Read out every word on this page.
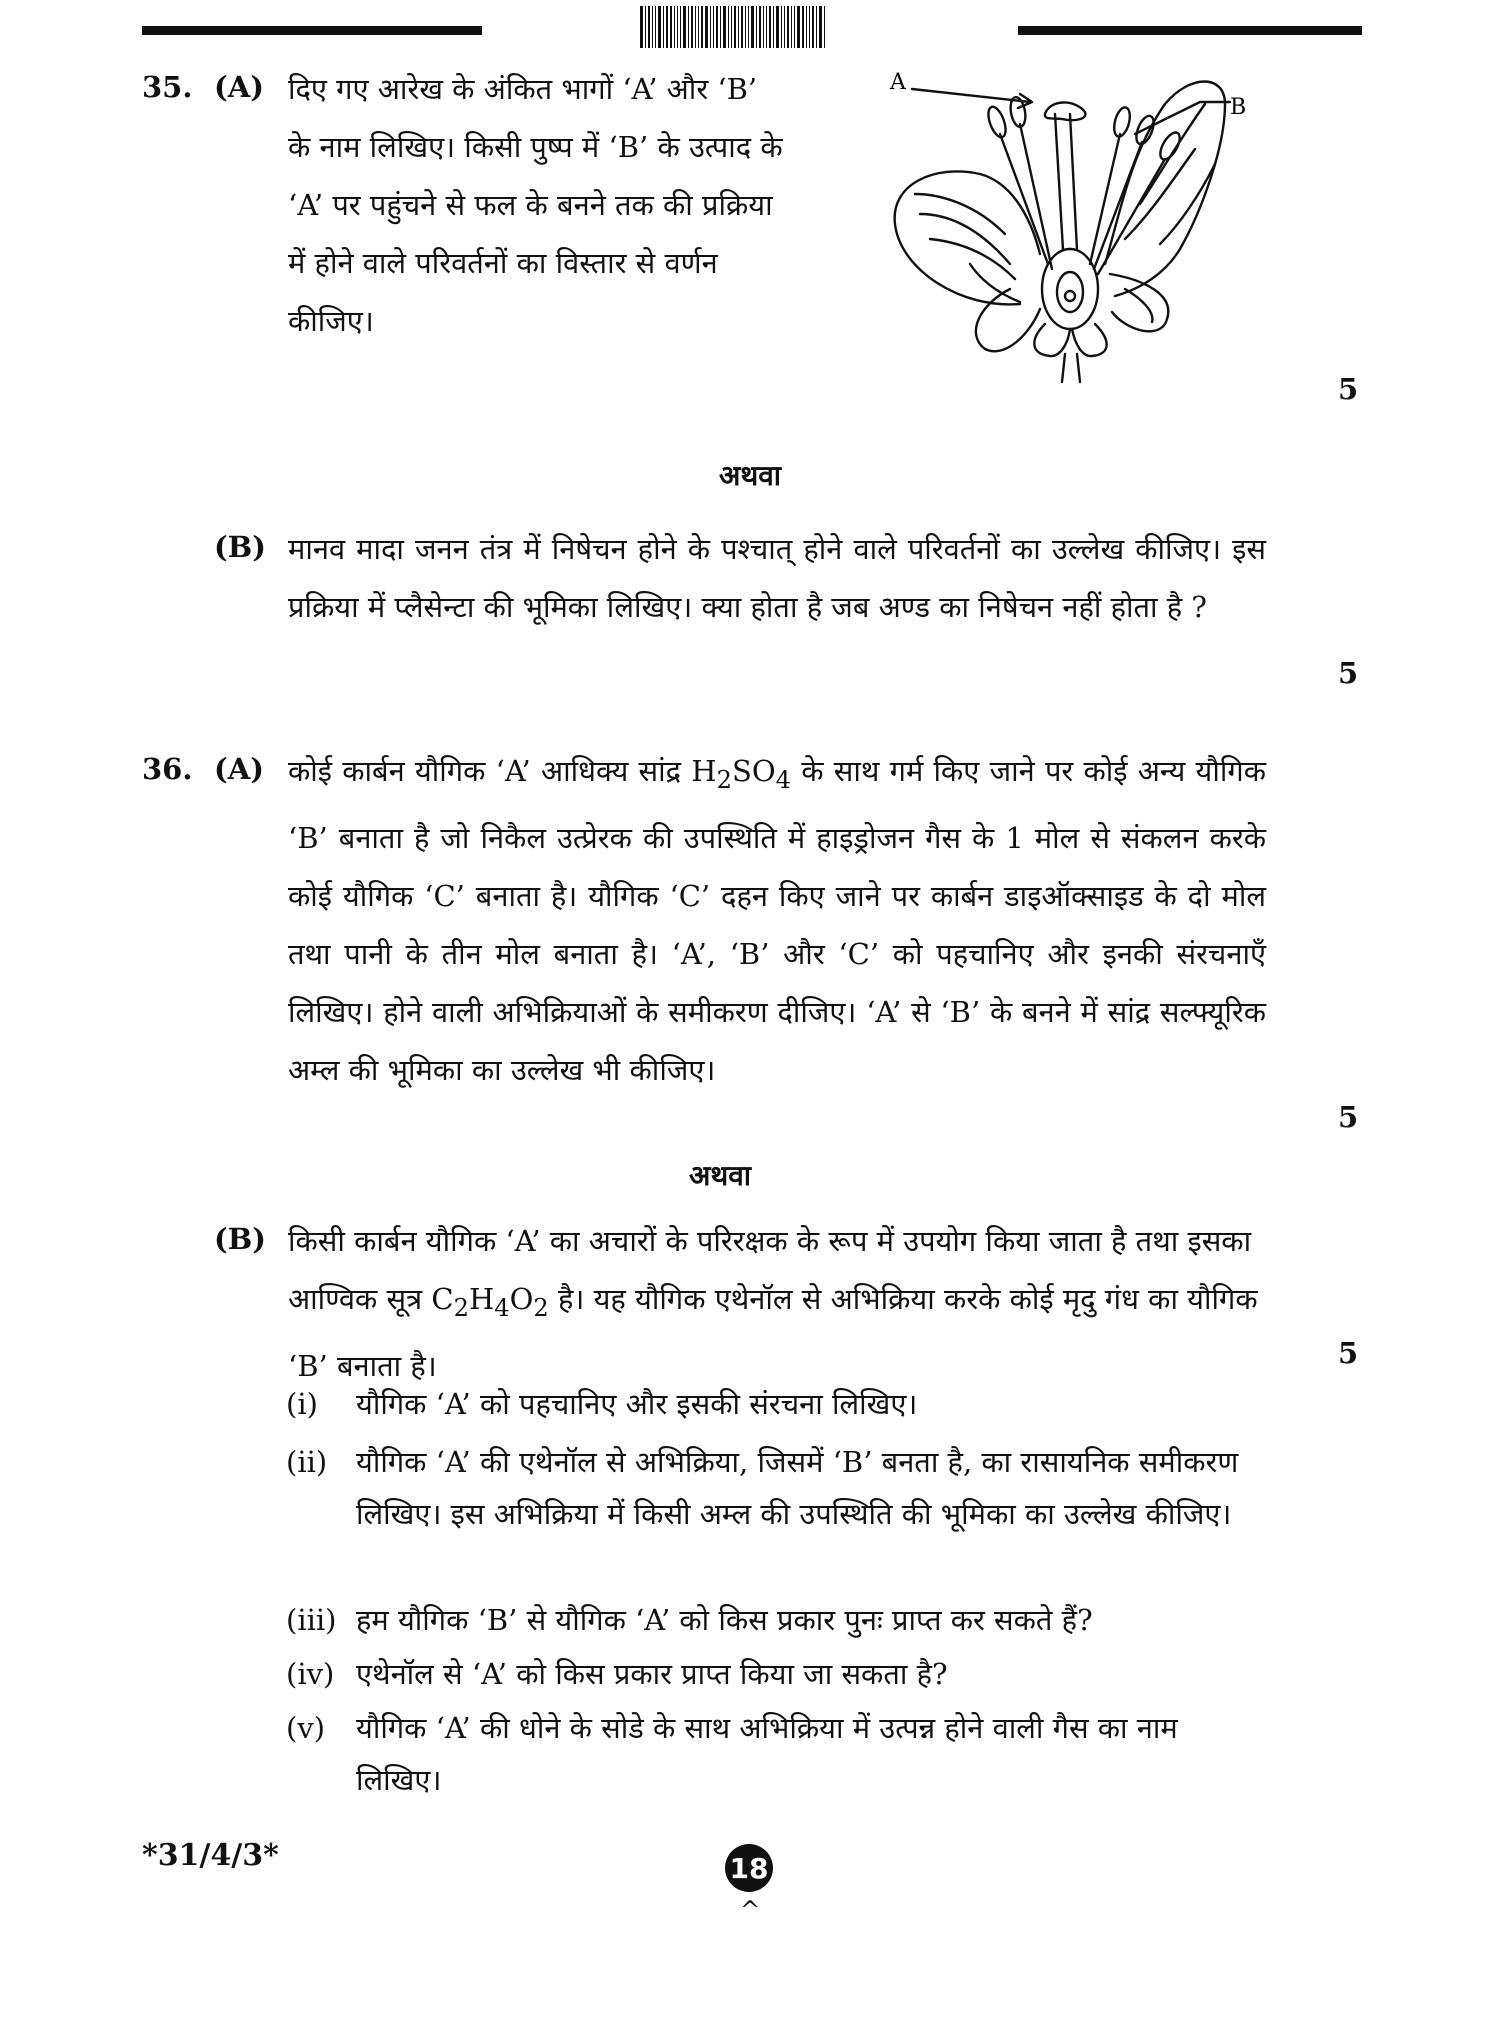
35. (A) दिए गए आरेख के अंकित भागों ‘A’ और ‘B’ के नाम लिखिए। किसी पुष्प में ‘B’ के उत्पाद के ‘A’ पर पहुंचने से फल के बनने तक की प्रक्रिया में होने वाले परिवर्तनों का विस्तार से वर्णन कीजिए।

5
A
B
अथवा
(B) मानव मादा जनन तंत्र में निषेचन होने के पश्चात् होने वाले परिवर्तनों का उल्लेख कीजिए। इस प्रक्रिया में प्लैसेन्टा की भूमिका लिखिए। क्या होता है जब अण्ड का निषेचन नहीं होता है ?

5
36. (A) कोई कार्बन यौगिक ‘A’ आधिक्य सांद्र $H_2SO_4$ के साथ गर्म किए जाने पर कोई अन्य यौगिक ‘B’ बनाता है जो निकैल उत्प्रेरक की उपस्थिति में हाइड्रोजन गैस के 1 मोल से संकलन करके कोई यौगिक ‘C’ बनाता है। यौगिक ‘C’ दहन किए जाने पर कार्बन डाइऑक्साइड के दो मोल तथा पानी के तीन मोल बनाता है। ‘A’, ‘B’ और ‘C’ को पहचानिए और इनकी संरचनाएँ लिखिए। होने वाली अभिक्रियाओं के समीकरण दीजिए। ‘A’ से ‘B’ के बनने में सांद्र सल्फ्यूरिक अम्ल की भूमिका का उल्लेख भी कीजिए।

5
अथवा
(B) किसी कार्बन यौगिक ‘A’ का अचारों के परिरक्षक के रूप में उपयोग किया जाता है तथा इसका आण्विक सूत्र $C_2H_4O_2$ है। यह यौगिक एथेनॉल से अभिक्रिया करके कोई मृदु गंध का यौगिक ‘B’ बनाता है।	5
(i) यौगिक ‘A’ को पहचानिए और इसकी संरचना लिखिए।
(ii) यौगिक ‘A’ की एथेनॉल से अभिक्रिया, जिसमें ‘B’ बनता है, का रासायनिक समीकरण लिखिए। इस अभिक्रिया में किसी अम्ल की उपस्थिति की भूमिका का उल्लेख कीजिए।
(iii) हम यौगिक ‘B’ से यौगिक ‘A’ को किस प्रकार पुनः प्राप्त कर सकते हैं?
(iv) एथेनॉल से ‘A’ को किस प्रकार प्राप्त किया जा सकता है?
(v) यौगिक ‘A’ की धोने के सोडे के साथ अभिक्रिया में उत्पन्न होने वाली गैस का नाम लिखिए।
*31/4/3*	18
^
